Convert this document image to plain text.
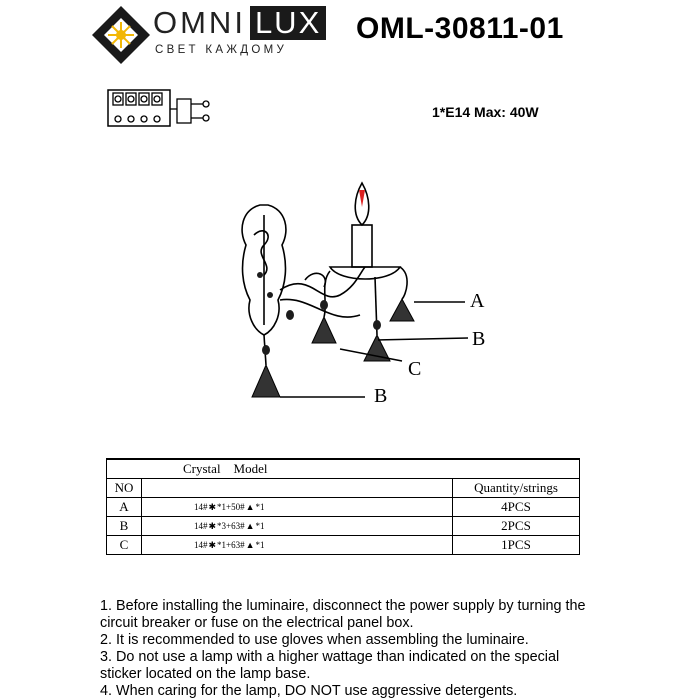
OMNI LUX
СВЕТ КАЖДОМУ
OML-30811-01
1*E14 Max: 40W
A
B
C
B
Crystal    Model		
NO		Quantity/strings
A	14# ✱ *1+50# ▲ *1	4PCS
B	14# ✱ *3+63# ▲ *1	2PCS
C	14# ✱ *1+63# ▲ *1	1PCS

1. Before installing the luminaire, disconnect the power supply by turning the circuit breaker or fuse on the electrical panel box.

2. It is recommended to use gloves when assembling the luminaire.

3. Do not use a lamp with a higher wattage than indicated on the special sticker located on the lamp base.

4. When caring for the lamp, DO NOT use aggressive detergents.
